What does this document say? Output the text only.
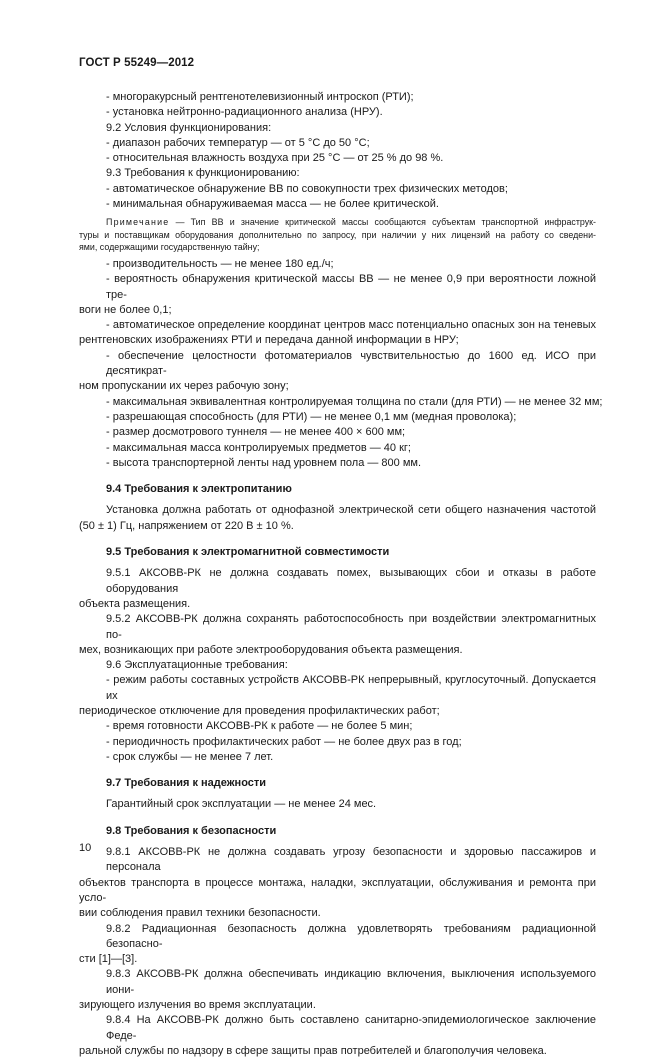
ГОСТ Р 55249—2012
- многоракурсный рентгенотелевизионный интроскоп (РТИ);
- установка нейтронно-радиационного анализа (НРУ).
9.2 Условия функционирования:
- диапазон рабочих температур — от 5 °С до 50 °С;
- относительная влажность воздуха при 25 °С — от 25 % до 98 %.
9.3 Требования к функционированию:
- автоматическое обнаружение ВВ по совокупности трех физических методов;
- минимальная обнаруживаемая масса — не более критической.
Примечание — Тип ВВ и значение критической массы сообщаются субъектам транспортной инфраструк-
туры и поставщикам оборудования дополнительно по запросу, при наличии у них лицензий на работу со сведени-
ями, содержащими государственную тайну;
- производительность — не менее 180 ед./ч;
- вероятность обнаружения критической массы ВВ — не менее 0,9 при вероятности ложной тре-
воги не более 0,1;
- автоматическое определение координат центров масс потенциально опасных зон на теневых
рентгеновских изображениях РТИ и передача данной информации в НРУ;
- обеспечение целостности фотоматериалов чувствительностью до 1600 ед. ИСО при десятикрат-
ном пропускании их через рабочую зону;
- максимальная эквивалентная контролируемая толщина по стали (для РТИ) — не менее 32 мм;
- разрешающая способность (для РТИ) — не менее 0,1 мм (медная проволока);
- размер досмотрового туннеля — не менее 400 × 600 мм;
- максимальная масса контролируемых предметов — 40 кг;
- высота транспортерной ленты над уровнем пола — 800 мм.
9.4 Требования к электропитанию
Установка должна работать от однофазной электрической сети общего назначения частотой
(50 ± 1) Гц, напряжением от 220 В ± 10 %.
9.5 Требования к электромагнитной совместимости
9.5.1 АКСОВВ-РК не должна создавать помех, вызывающих сбои и отказы в работе оборудования
объекта размещения.
9.5.2 АКСОВВ-РК должна сохранять работоспособность при воздействии электромагнитных по-
мех, возникающих при работе электрооборудования объекта размещения.
9.6 Эксплуатационные требования:
- режим работы составных устройств АКСОВВ-РК непрерывный, круглосуточный. Допускается их
периодическое отключение для проведения профилактических работ;
- время готовности АКСОВВ-РК к работе — не более 5 мин;
- периодичность профилактических работ — не более двух раз в год;
- срок службы — не менее 7 лет.
9.7 Требования к надежности
Гарантийный срок эксплуатации — не менее 24 мес.
9.8 Требования к безопасности
9.8.1 АКСОВВ-РК не должна создавать угрозу безопасности и здоровью пассажиров и персонала
объектов транспорта в процессе монтажа, наладки, эксплуатации, обслуживания и ремонта при усло-
вии соблюдения правил техники безопасности.
9.8.2 Радиационная безопасность должна удовлетворять требованиям радиационной безопасно-
сти [1]—[3].
9.8.3 АКСОВВ-РК должна обеспечивать индикацию включения, выключения используемого иони-
зирующего излучения во время эксплуатации.
9.8.4 На АКСОВВ-РК должно быть составлено санитарно-эпидемиологическое заключение Феде-
ральной службы по надзору в сфере защиты прав потребителей и благополучия человека.
10
